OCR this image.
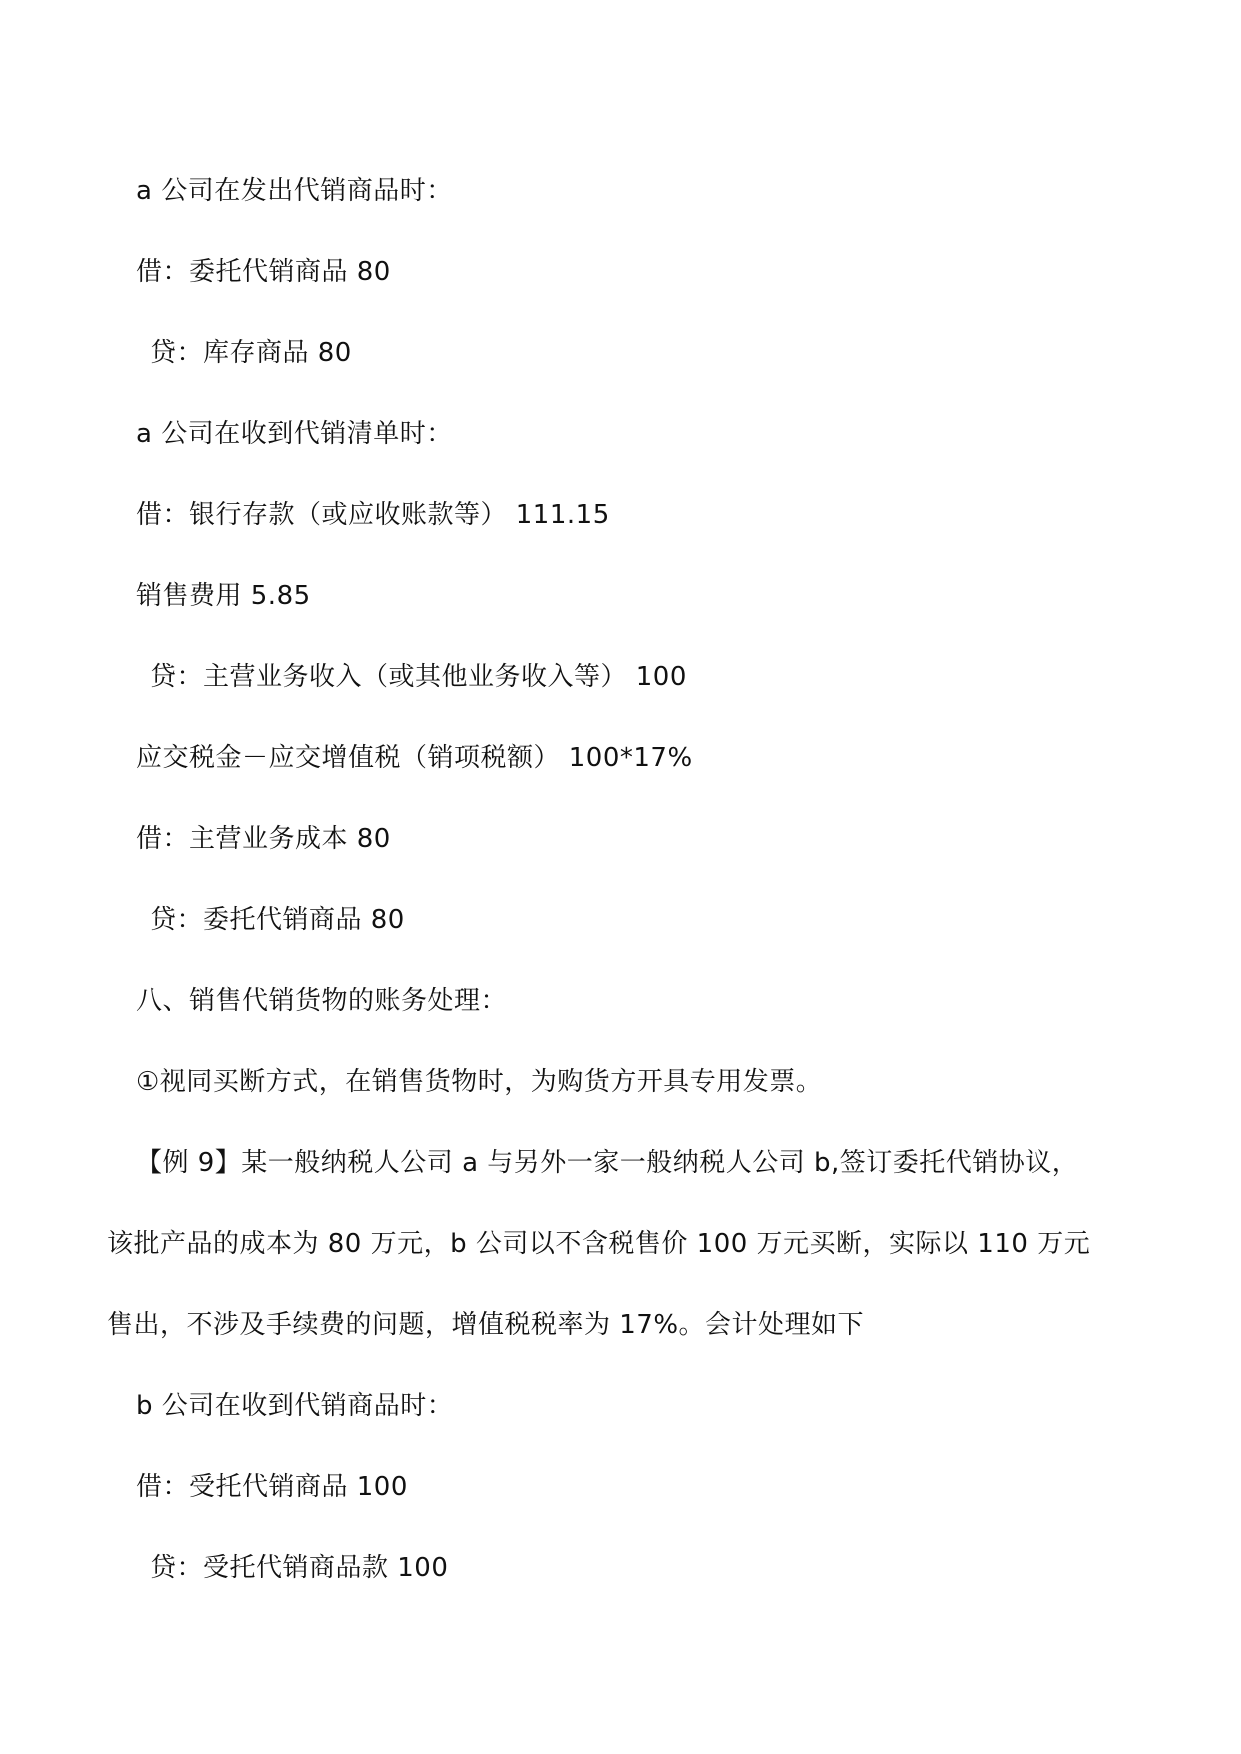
a 公司在发出代销商品时：
借：委托代销商品 80
贷：库存商品 80
a 公司在收到代销清单时：
借：银行存款（或应收账款等） 111.15
销售费用 5.85
贷：主营业务收入（或其他业务收入等） 100
应交税金－应交增值税（销项税额） 100*17%
借：主营业务成本 80
贷：委托代销商品 80
八、销售代销货物的账务处理：
①视同买断方式，在销售货物时，为购货方开具专用发票。
【例 9】某一般纳税人公司 a 与另外一家一般纳税人公司 b,签订委托代销协议，
该批产品的成本为 80 万元，b 公司以不含税售价 100 万元买断，实际以 110 万元
售出，不涉及手续费的问题，增值税税率为 17%。会计处理如下
b 公司在收到代销商品时：
借：受托代销商品 100
贷：受托代销商品款 100
